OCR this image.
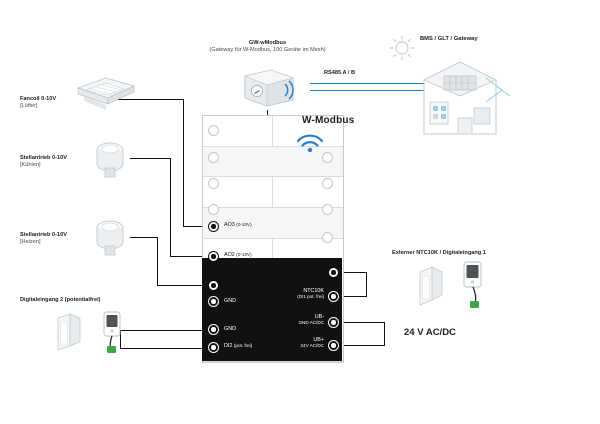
AO3 (0-10V)
AO2 (0-10V)
AO1 (0-10V)
GND
GND
DI2 (pot. frei)
GND
NTC10K
(DI1 pot. frei)
UB-
GND AC/DC
UB+
24V AC/DC
W-Modbus
GW-wModbus
(Gateway für W-Modbus, 100 Geräte im Mesh)
RS485 A / B
BMS / GLT / Gateway
Fancoil 0-10V
[Lüfter]
Stellantrieb 0-10V
[Kühlen]
Stellantrieb 0-10V
[Heizen]
Digitaleingang 2 (potentialfrei)
Externer NTC10K / Digitaleingang 1
24 V AC/DC
